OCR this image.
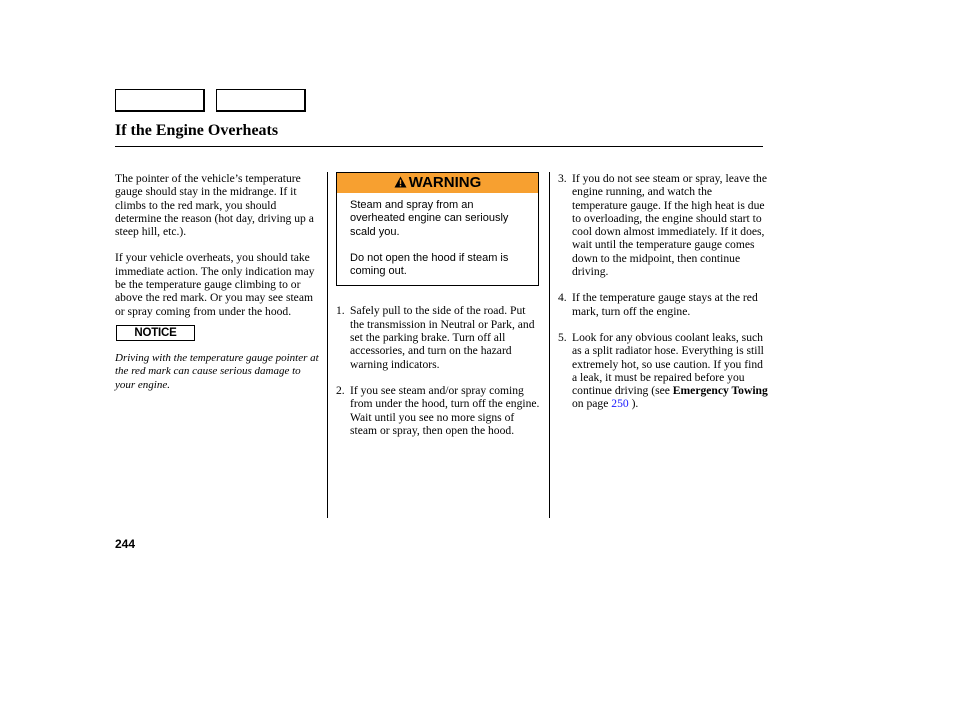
If the Engine Overheats

The pointer of the vehicle’s temperature gauge should stay in the midrange. If it climbs to the red mark, you should determine the reason (hot day, driving up a steep hill, etc.).

If your vehicle overheats, you should take immediate action. The only indication may be the temperature gauge climbing to or above the red mark. Or you may see steam or spray coming from under the hood.

NOTICE

Driving with the temperature gauge pointer at the red mark can cause serious damage to your engine.

WARNING

Steam and spray from an overheated engine can seriously scald you.

Do not open the hood if steam is coming out.

1. Safely pull to the side of the road. Put the transmission in Neutral or Park, and set the parking brake. Turn off all accessories, and turn on the hazard warning indicators.
2. If you see steam and/or spray coming from under the hood, turn off the engine. Wait until you see no more signs of steam or spray, then open the hood.
3. If you do not see steam or spray, leave the engine running, and watch the temperature gauge. If the high heat is due to overloading, the engine should start to cool down almost immediately. If it does, wait until the temperature gauge comes down to the midpoint, then continue driving.
4. If the temperature gauge stays at the red mark, turn off the engine.
5. Look for any obvious coolant leaks, such as a split radiator hose. Everything is still extremely hot, so use caution. If you find a leak, it must be repaired before you continue driving (see Emergency Towing on page 250 ).
244
